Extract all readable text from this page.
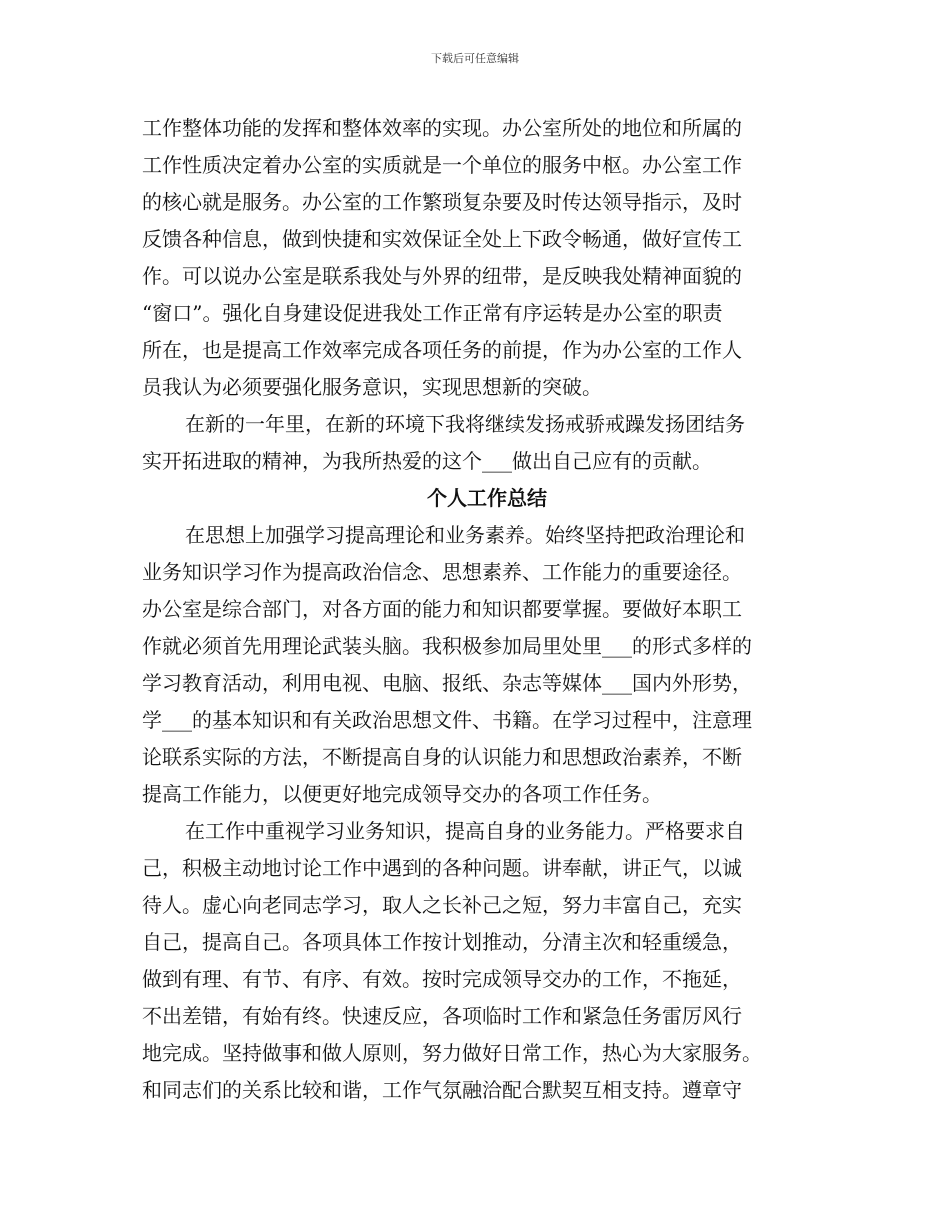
下载后可任意编辑
工作整体功能的发挥和整体效率的实现。办公室所处的地位和所属的
工作性质决定着办公室的实质就是一个单位的服务中枢。办公室工作
的核心就是服务。办公室的工作繁琐复杂要及时传达领导指示，及时
反馈各种信息，做到快捷和实效保证全处上下政令畅通，做好宣传工
作。可以说办公室是联系我处与外界的纽带，是反映我处精神面貌的
“窗口”。强化自身建设促进我处工作正常有序运转是办公室的职责
所在，也是提高工作效率完成各项任务的前提，作为办公室的工作人
员我认为必须要强化服务意识，实现思想新的突破。
在新的一年里，在新的环境下我将继续发扬戒骄戒躁发扬团结务
实开拓进取的精神，为我所热爱的这个___做出自己应有的贡献。
个人工作总结
在思想上加强学习提高理论和业务素养。始终坚持把政治理论和
业务知识学习作为提高政治信念、思想素养、工作能力的重要途径。
办公室是综合部门，对各方面的能力和知识都要掌握。要做好本职工
作就必须首先用理论武装头脑。我积极参加局里处里___的形式多样的
学习教育活动，利用电视、电脑、报纸、杂志等媒体___国内外形势，
学___的基本知识和有关政治思想文件、书籍。在学习过程中，注意理
论联系实际的方法，不断提高自身的认识能力和思想政治素养，不断
提高工作能力，以便更好地完成领导交办的各项工作任务。
在工作中重视学习业务知识，提高自身的业务能力。严格要求自
己，积极主动地讨论工作中遇到的各种问题。讲奉献，讲正气，以诚
待人。虚心向老同志学习，取人之长补己之短，努力丰富自己，充实
自己，提高自己。各项具体工作按计划推动，分清主次和轻重缓急，
做到有理、有节、有序、有效。按时完成领导交办的工作，不拖延，
不出差错，有始有终。快速反应，各项临时工作和紧急任务雷厉风行
地完成。坚持做事和做人原则，努力做好日常工作，热心为大家服务。
和同志们的关系比较和谐，工作气氛融洽配合默契互相支持。遵章守
